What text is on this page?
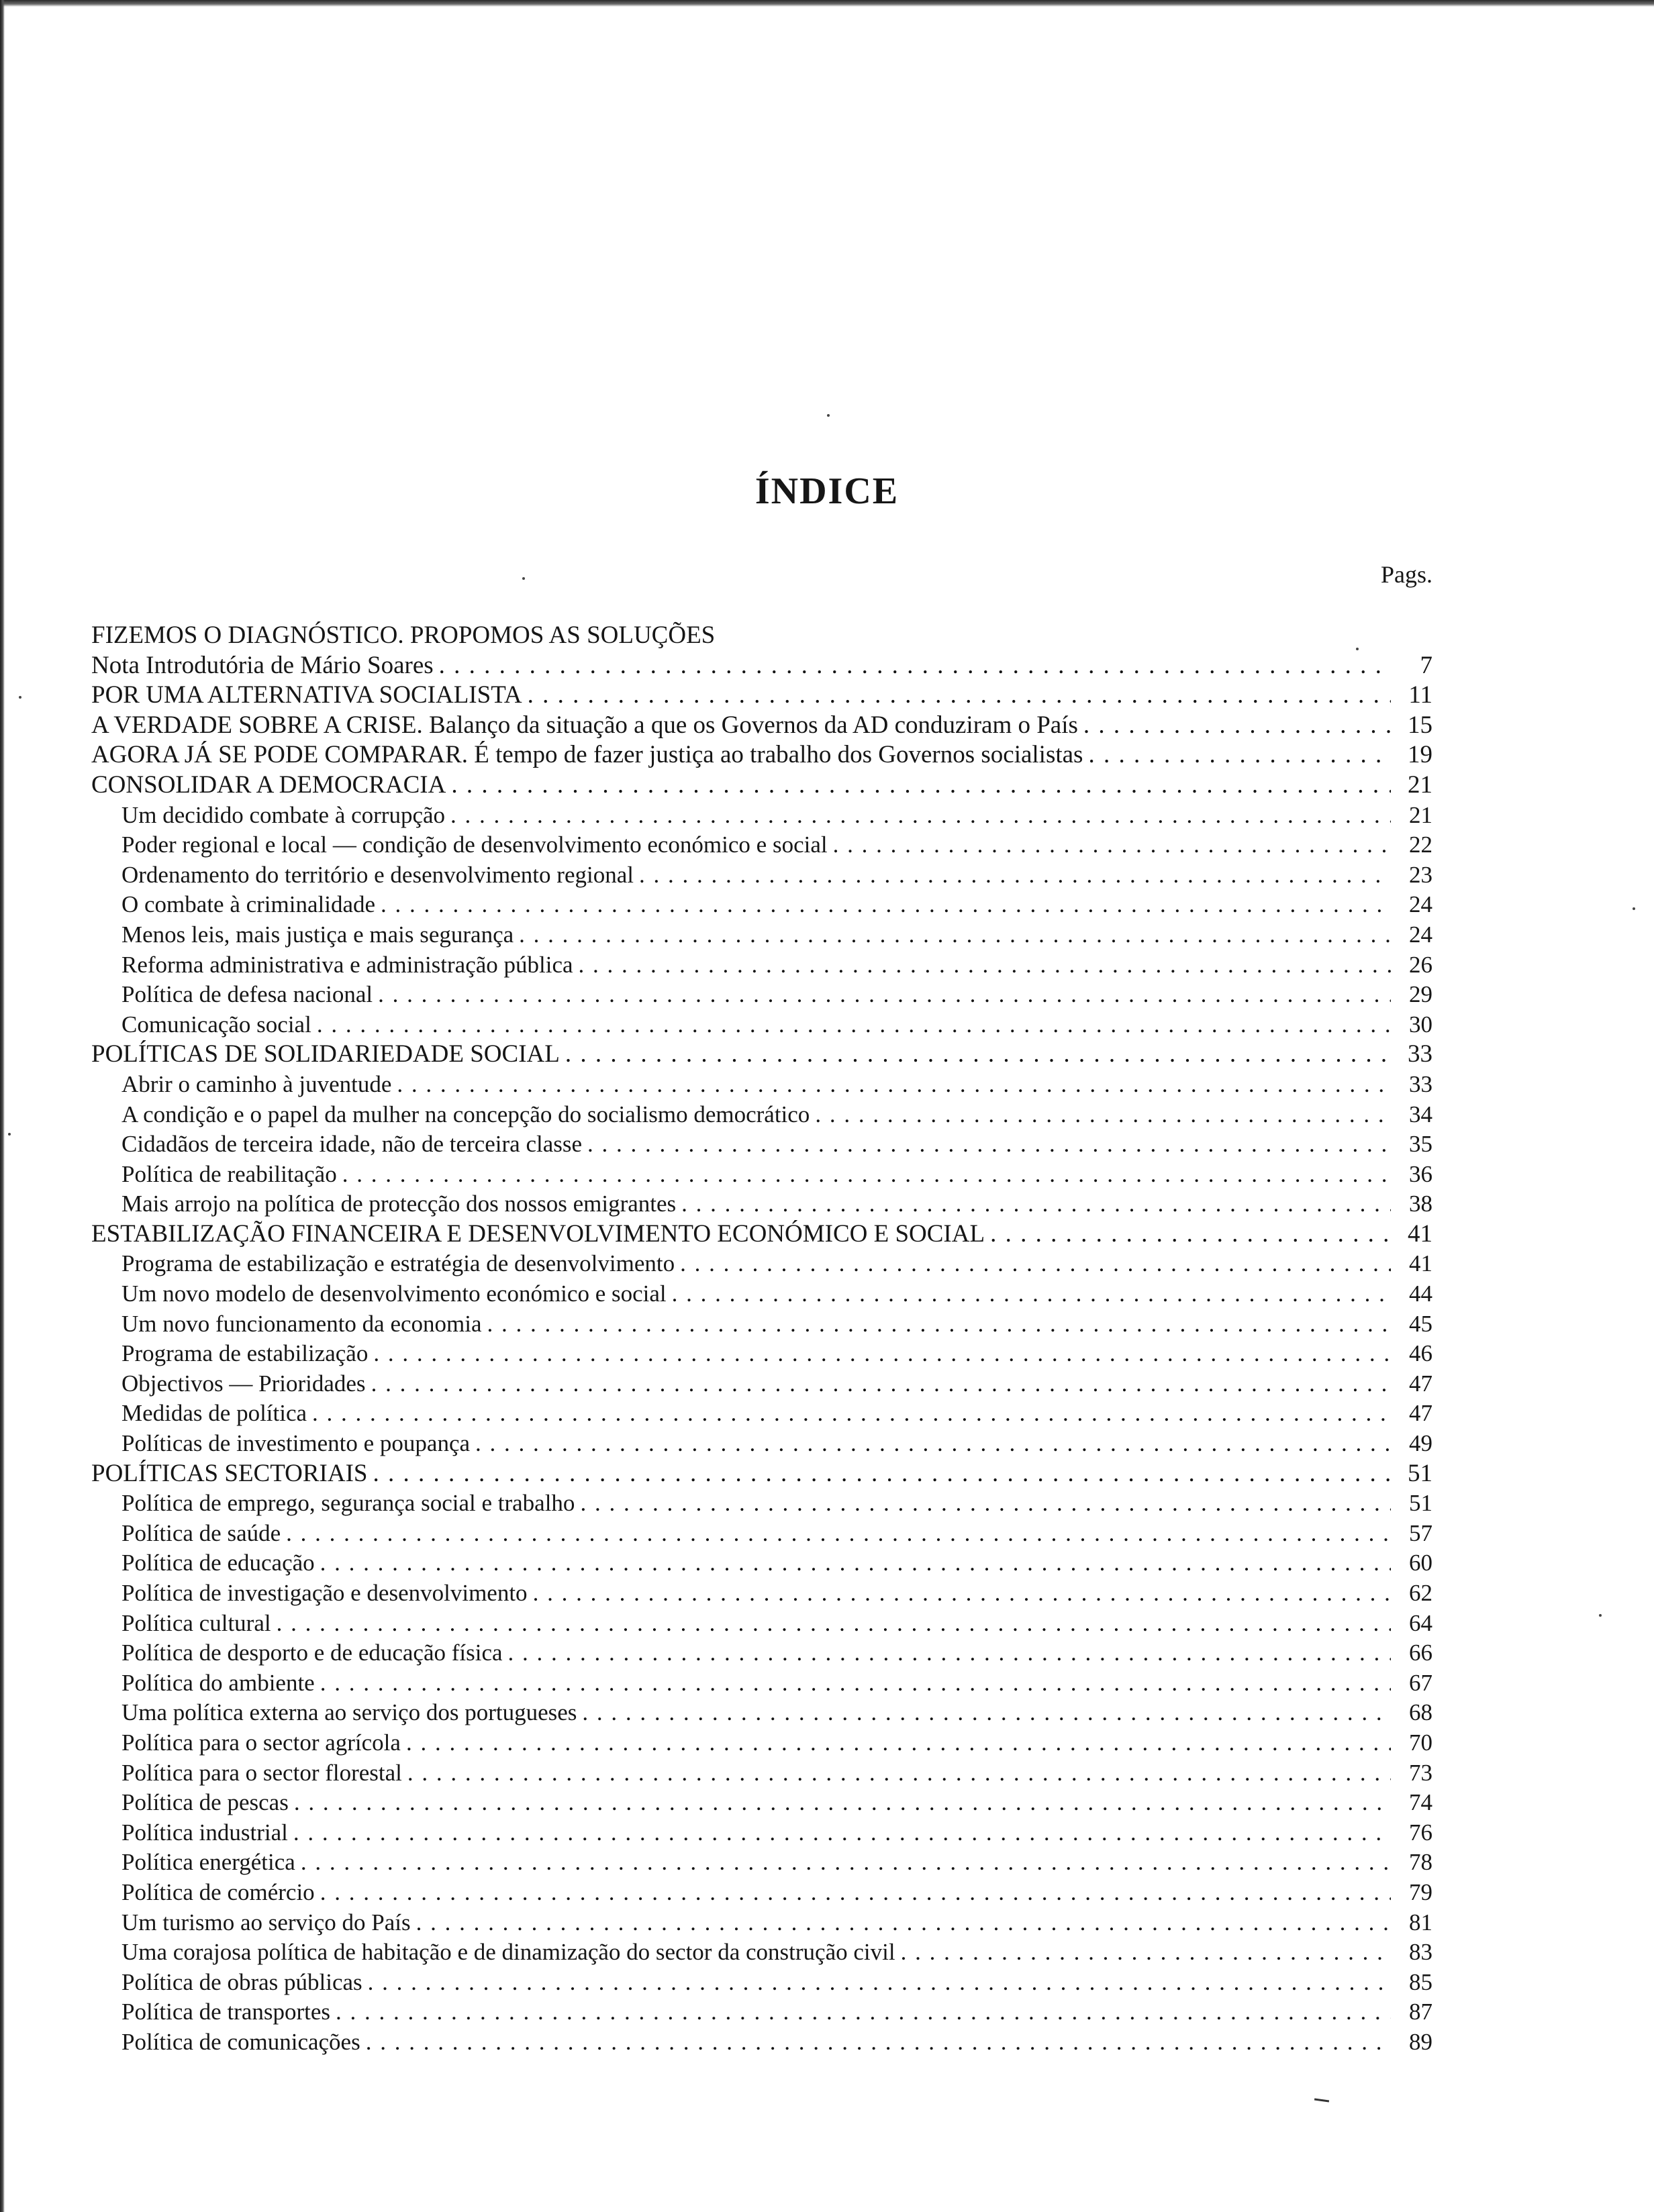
ÍNDICE
Pags.
FIZEMOS O DIAGNÓSTICO. PROPOMOS AS SOLUÇÕES
Nota Introdutória de Mário Soares . . .	7
POR UMA ALTERNATIVA SOCIALISTA . . .	11
A VERDADE SOBRE A CRISE. Balanço da situação a que os Governos da AD conduziram o País . . .	15
AGORA JÁ SE PODE COMPARAR. É tempo de fazer justiça ao trabalho dos Governos socialistas . . .	19
CONSOLIDAR A DEMOCRACIA . . .	21
Um decidido combate à corrupção . . .	21
Poder regional e local — condição de desenvolvimento económico e social . . .	22
Ordenamento do território e desenvolvimento regional . . .	23
O combate à criminalidade . . .	24
Menos leis, mais justiça e mais segurança . . .	24
Reforma administrativa e administração pública . . .	26
Política de defesa nacional . . .	29
Comunicação social . . .	30
POLÍTICAS DE SOLIDARIEDADE SOCIAL . . .	33
Abrir o caminho à juventude . . .	33
A condição e o papel da mulher na concepção do socialismo democrático . . .	34
Cidadãos de terceira idade, não de terceira classe . . .	35
Política de reabilitação . . .	36
Mais arrojo na política de protecção dos nossos emigrantes . . .	38
ESTABILIZAÇÃO FINANCEIRA E DESENVOLVIMENTO ECONÓMICO E SOCIAL . . .	41
Programa de estabilização e estratégia de desenvolvimento . . .	41
Um novo modelo de desenvolvimento económico e social . . .	44
Um novo funcionamento da economia . . .	45
Programa de estabilização . . .	46
Objectivos — Prioridades . . .	47
Medidas de política . . .	47
Políticas de investimento e poupança . . .	49
POLÍTICAS SECTORIAIS . . .	51
Política de emprego, segurança social e trabalho . . .	51
Política de saúde . . .	57
Política de educação . . .	60
Política de investigação e desenvolvimento . . .	62
Política cultural . . .	64
Política de desporto e de educação física . . .	66
Política do ambiente . . .	67
Uma política externa ao serviço dos portugueses . . .	68
Política para o sector agrícola . . .	70
Política para o sector florestal . . .	73
Política de pescas . . .	74
Política industrial . . .	76
Política energética . . .	78
Política de comércio . . .	79
Um turismo ao serviço do País . . .	81
Uma corajosa política de habitação e de dinamização do sector da construção civil . . .	83
Política de obras públicas . . .	85
Política de transportes . . .	87
Política de comunicações . . .	89
